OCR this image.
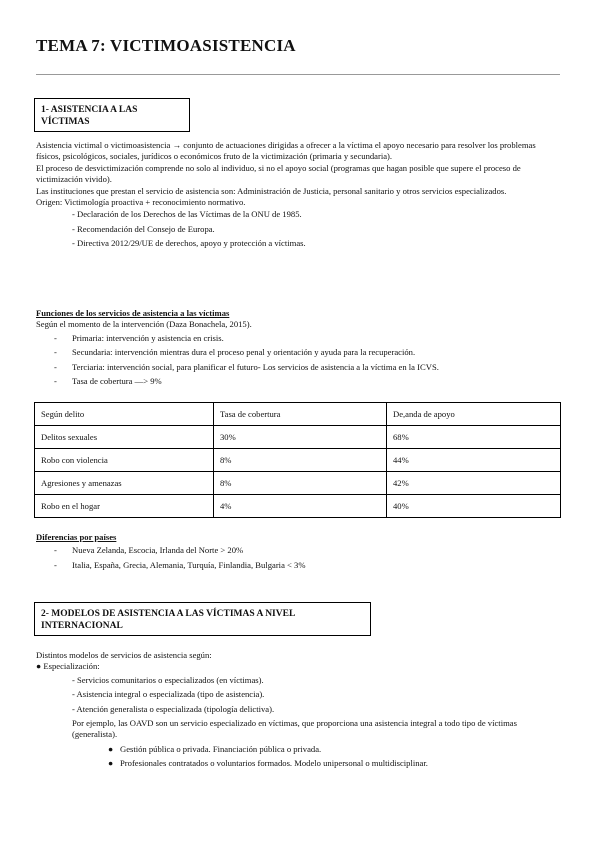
TEMA 7: VICTIMOASISTENCIA
1- ASISTENCIA A LAS VÍCTIMAS

Asistencia victimal o victimoasistencia → conjunto de actuaciones dirigidas a ofrecer a la víctima el apoyo necesario para resolver los problemas físicos, psicológicos, sociales, jurídicos o económicos fruto de la victimización (primaria y secundaria).

El proceso de desvictimización comprende no solo al individuo, si no el apoyo social (programas que hagan posible que supere el proceso de victimización vivido).

Las instituciones que prestan el servicio de asistencia son: Administración de Justicia, personal sanitario y otros servicios especializados.

Origen: Victimología proactiva + reconocimiento normativo.

- Declaración de los Derechos de las Víctimas de la ONU de 1985.
- Recomendación del Consejo de Europa.
- Directiva 2012/29/UE de derechos, apoyo y protección a víctimas.
Funciones de los servicios de asistencia a las víctimas
Según el momento de la intervención (Daza Bonachela, 2015).
- Primaria: intervención y asistencia en crisis.
- Secundaria: intervención mientras dura el proceso penal y orientación y ayuda para la recuperación.
- Terciaria: intervención social, para planificar el futuro- Los servicios de asistencia a la víctima en la ICVS.
- Tasa de cobertura —> 9%
Según delito	Tasa de cobertura	De,anda de apoyo
Delitos sexuales	30%	68%
Robo con violencia	8%	44%
Agresiones y amenazas	8%	42%
Robo en el hogar	4%	40%
Diferencias por países
- Nueva Zelanda, Escocia, Irlanda del Norte > 20%
- Italia, España, Grecia, Alemania, Turquía, Finlandia, Bulgaria < 3%
2- MODELOS DE ASISTENCIA A LAS VÍCTIMAS A NIVEL INTERNACIONAL
Distintos modelos de servicios de asistencia según:
● Especialización:
- Servicios comunitarios o especializados (en víctimas).
- Asistencia integral o especializada (tipo de asistencia).
- Atención generalista o especializada (tipología delictiva).
Por ejemplo, las OAVD son un servicio especializado en víctimas, que proporciona una asistencia integral a todo tipo de víctimas (generalista).
● Gestión pública o privada. Financiación pública o privada.
● Profesionales contratados o voluntarios formados. Modelo unipersonal o multidisciplinar.
